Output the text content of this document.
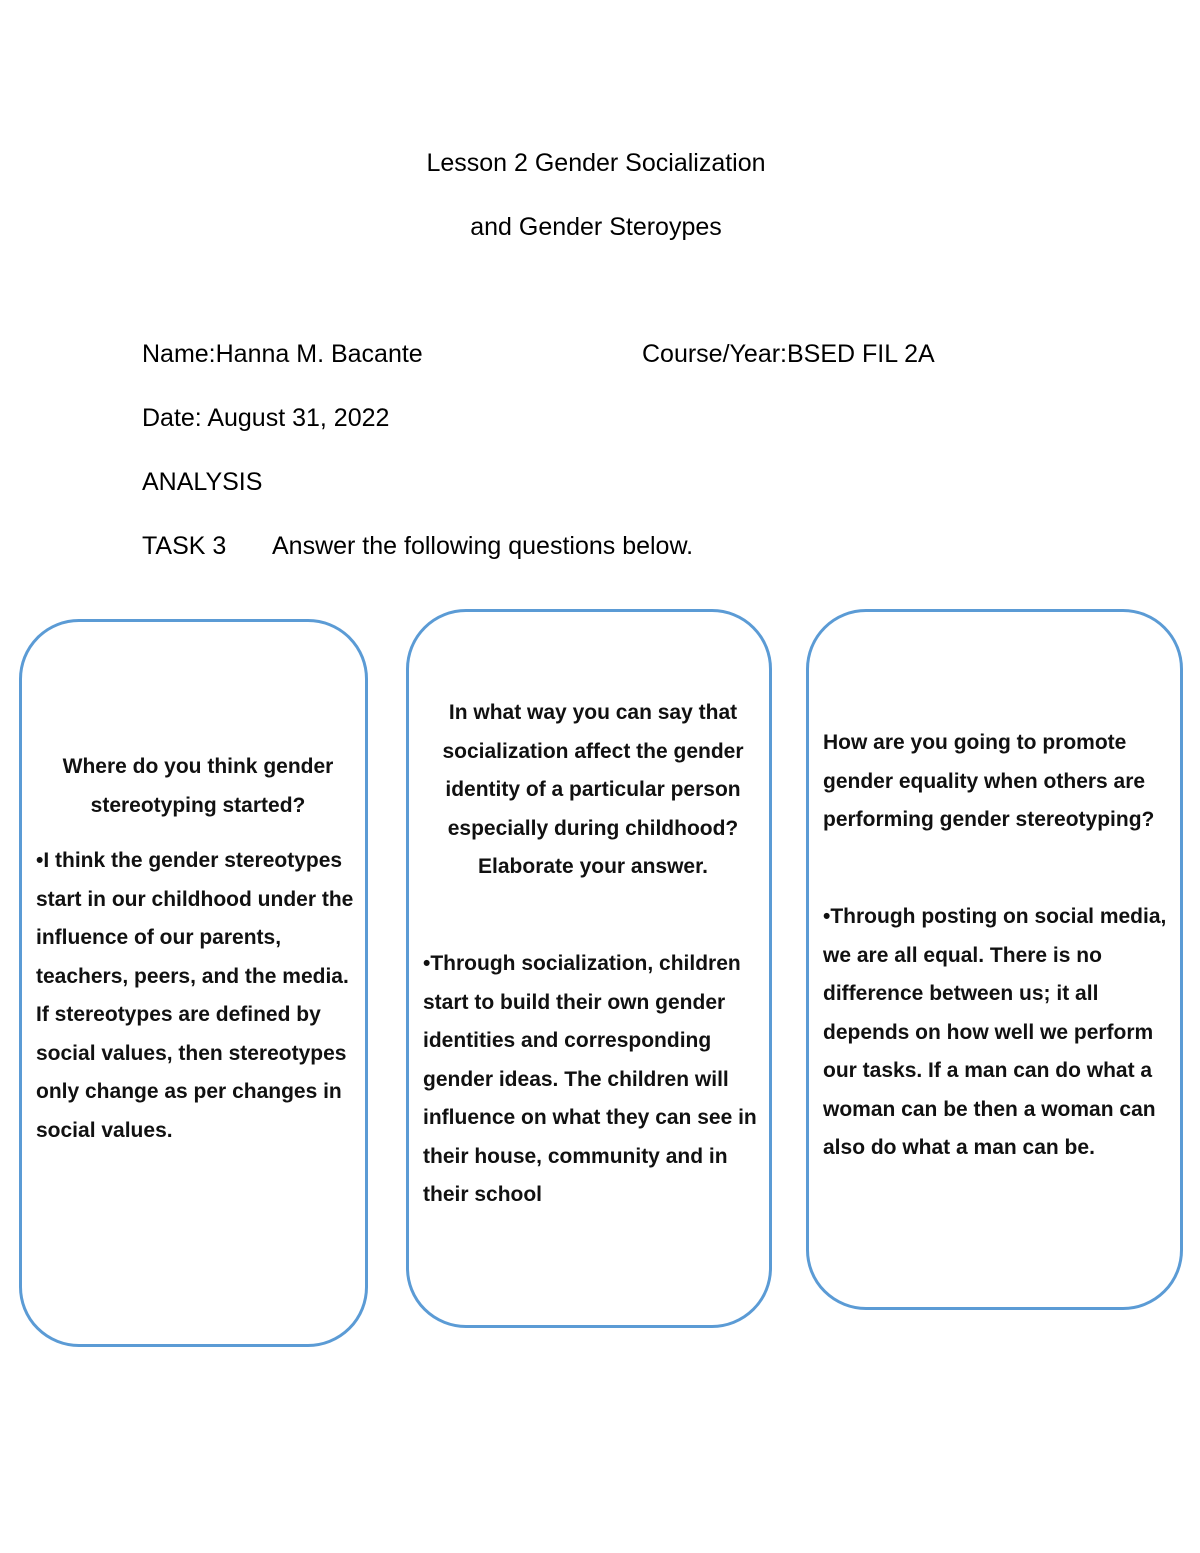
Lesson 2 Gender Socialization
and Gender Steroypes
Name:Hanna M. Bacante	Course/Year:BSED FIL 2A
Date: August 31, 2022
ANALYSIS
TASK 3 Answer the following questions below.
Where do you think gender stereotyping started?
•I think the gender stereotypes start in our childhood under the influence of our parents, teachers, peers, and the media. If stereotypes are defined by social values, then stereotypes only change as per changes in social values.
In what way you can say that socialization affect the gender identity of a particular person especially during childhood? Elaborate your answer.
•Through socialization, children start to build their own gender identities and corresponding gender ideas. The children will influence on what they can see in their house, community and in their school
How are you going to promote gender equality when others are performing gender stereotyping?
•Through posting on social media, we are all equal. There is no difference between us; it all depends on how well we perform our tasks. If a man can do what a woman can be then a woman can also do what a man can be.
